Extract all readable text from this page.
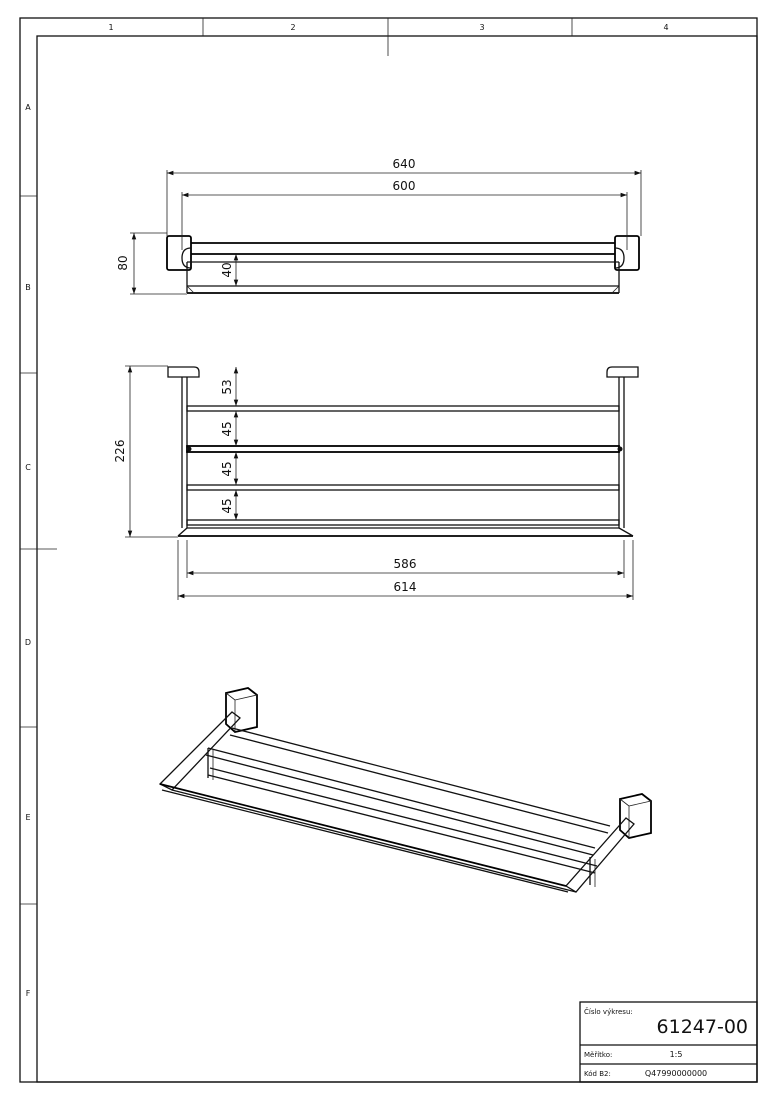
1	2	3	4
A
B
C
D
E
F
640
600
80	40
226
53
45
45
45
586
614
Číslo výkresu:
61247-00
Měřítko:	1:5
Kód B2:	Q47990000000
